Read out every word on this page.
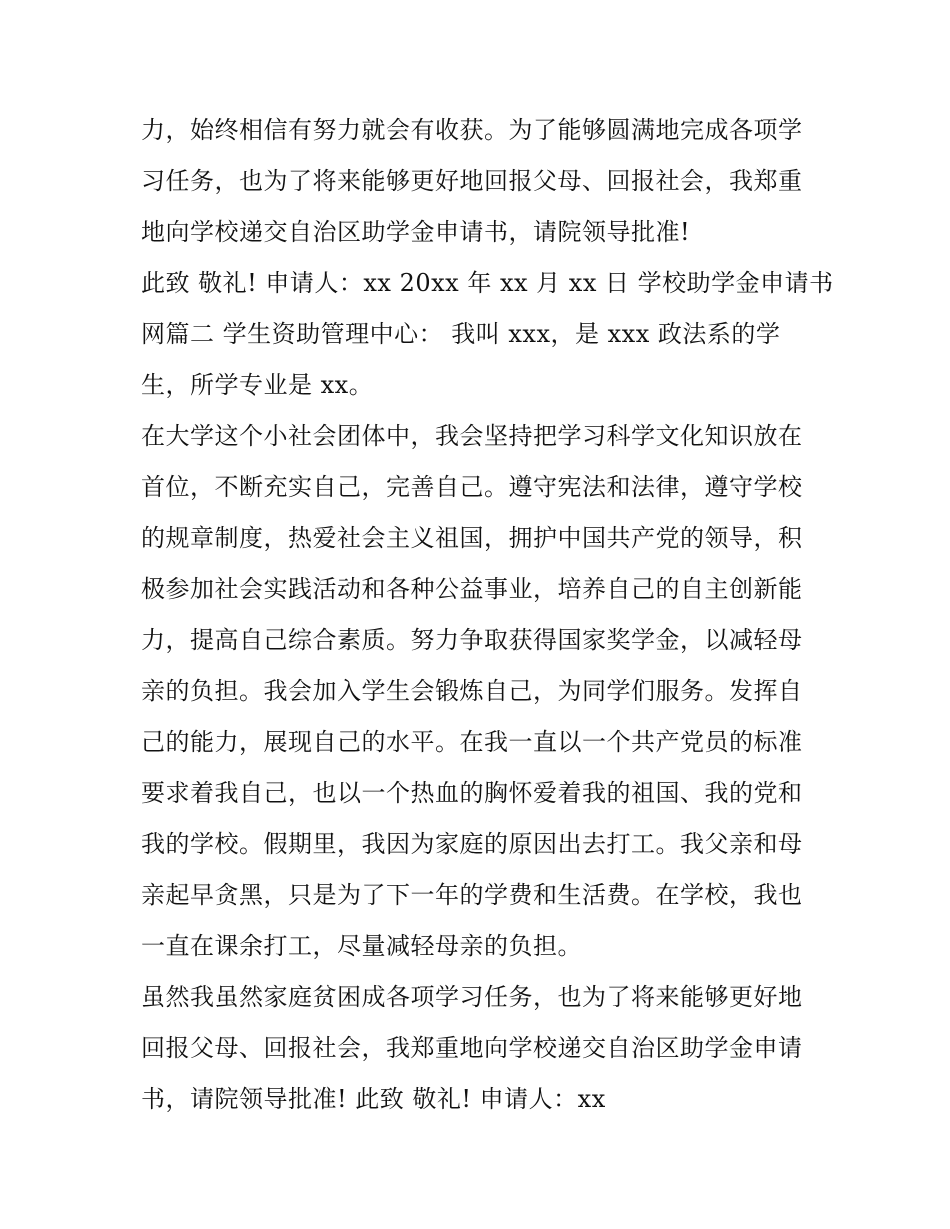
力，始终相信有努力就会有收获。为了能够圆满地完成各项学
习任务，也为了将来能够更好地回报父母、回报社会，我郑重
地向学校递交自治区助学金申请书，请院领导批准!
此致 敬礼! 申请人：xx 20xx 年 xx 月 xx 日 学校助学金申请书
网篇二 学生资助管理中心： 我叫 xxx，是 xxx 政法系的学
生，所学专业是 xx。
在大学这个小社会团体中，我会坚持把学习科学文化知识放在
首位，不断充实自己，完善自己。遵守宪法和法律，遵守学校
的规章制度，热爱社会主义祖国，拥护中国共产党的领导，积
极参加社会实践活动和各种公益事业，培养自己的自主创新能
力，提高自己综合素质。努力争取获得国家奖学金，以减轻母
亲的负担。我会加入学生会锻炼自己，为同学们服务。发挥自
己的能力，展现自己的水平。在我一直以一个共产党员的标准
要求着我自己，也以一个热血的胸怀爱着我的祖国、我的党和
我的学校。假期里，我因为家庭的原因出去打工。我父亲和母
亲起早贪黑，只是为了下一年的学费和生活费。在学校，我也
一直在课余打工，尽量减轻母亲的负担。
虽然我虽然家庭贫困成各项学习任务，也为了将来能够更好地
回报父母、回报社会，我郑重地向学校递交自治区助学金申请
书，请院领导批准! 此致 敬礼! 申请人：xx
